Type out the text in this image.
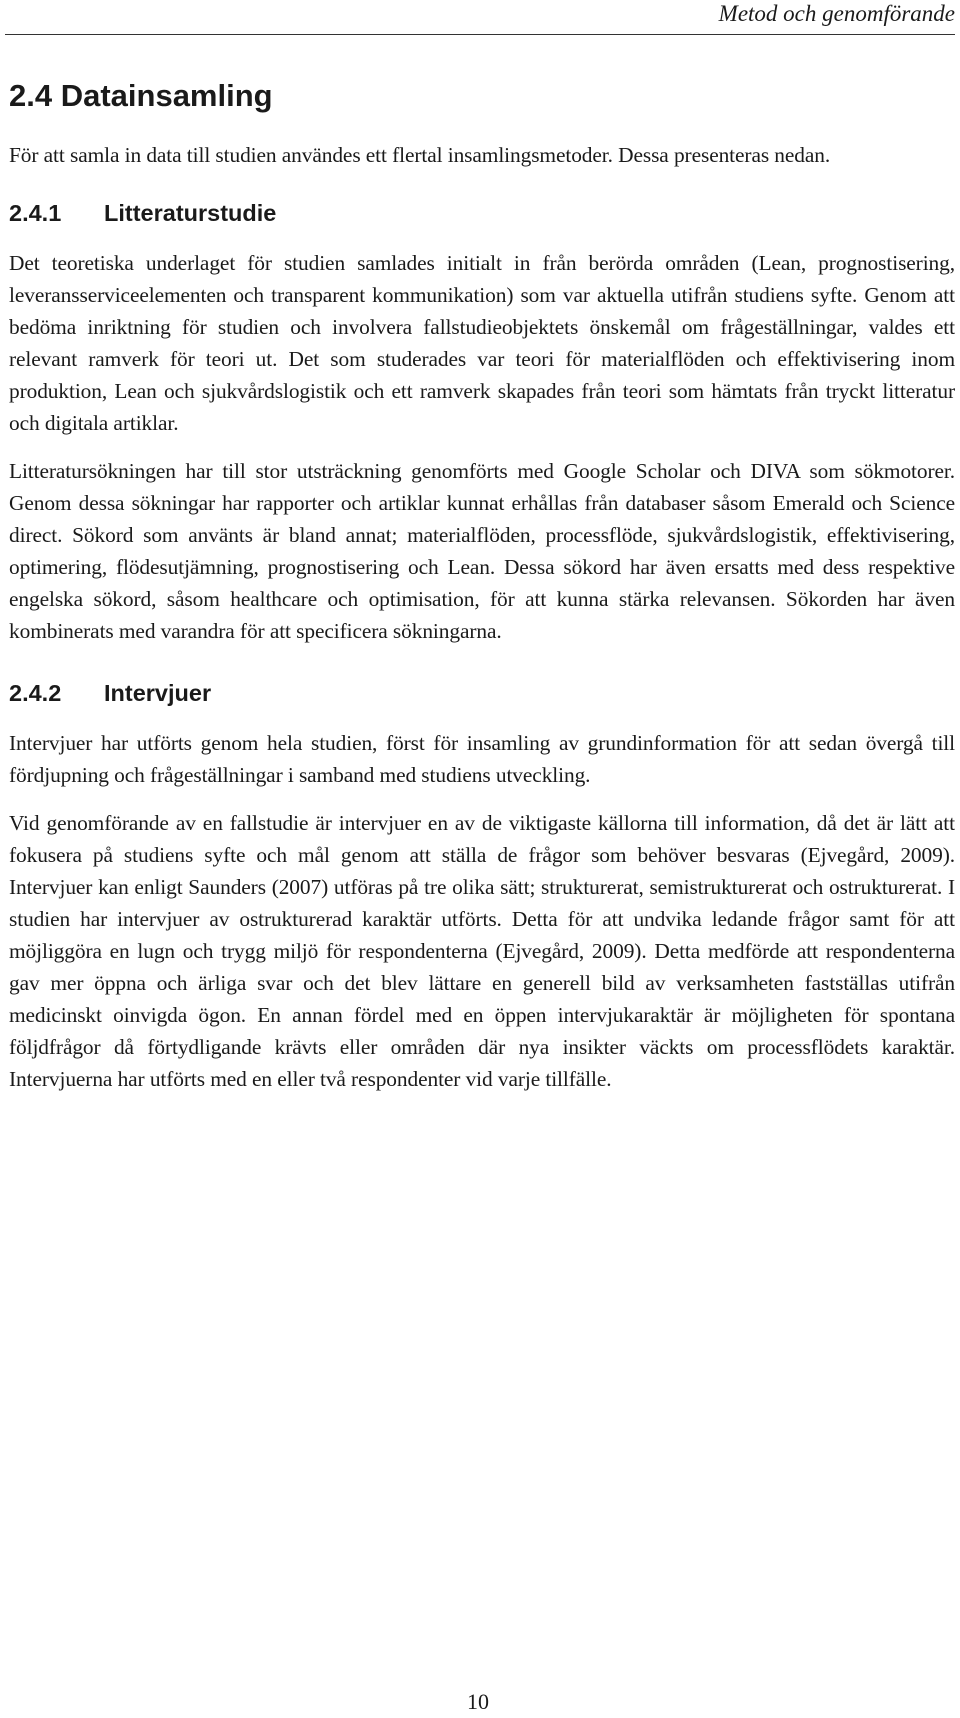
Metod och genomförande
2.4 Datainsamling

För att samla in data till studien användes ett flertal insamlingsmetoder. Dessa presenteras nedan.

2.4.1 Litteraturstudie

Det teoretiska underlaget för studien samlades initialt in från berörda områden (Lean, prognostisering, leveransserviceelementen och transparent kommunikation) som var aktuella utifrån studiens syfte. Genom att bedöma inriktning för studien och involvera fallstudieobjektets önskemål om frågeställningar, valdes ett relevant ramverk för teori ut. Det som studerades var teori för materialflöden och effektivisering inom produktion, Lean och sjukvårdslogistik och ett ramverk skapades från teori som hämtats från tryckt litteratur och digitala artiklar.

Litteratursökningen har till stor utsträckning genomförts med Google Scholar och DIVA som sökmotorer. Genom dessa sökningar har rapporter och artiklar kunnat erhållas från databaser såsom Emerald och Science direct. Sökord som använts är bland annat; materialflöden, processflöde, sjukvårdslogistik, effektivisering, optimering, flödesutjämning, prognostisering och Lean. Dessa sökord har även ersatts med dess respektive engelska sökord, såsom healthcare och optimisation, för att kunna stärka relevansen. Sökorden har även kombinerats med varandra för att specificera sökningarna.

2.4.2 Intervjuer

Intervjuer har utförts genom hela studien, först för insamling av grundinformation för att sedan övergå till fördjupning och frågeställningar i samband med studiens utveckling.

Vid genomförande av en fallstudie är intervjuer en av de viktigaste källorna till information, då det är lätt att fokusera på studiens syfte och mål genom att ställa de frågor som behöver besvaras (Ejvegård, 2009). Intervjuer kan enligt Saunders (2007) utföras på tre olika sätt; strukturerat, semistrukturerat och ostrukturerat. I studien har intervjuer av ostrukturerad karaktär utförts. Detta för att undvika ledande frågor samt för att möjliggöra en lugn och trygg miljö för respondenterna (Ejvegård, 2009). Detta medförde att respondenterna gav mer öppna och ärliga svar och det blev lättare en generell bild av verksamheten fastställas utifrån medicinskt oinvigda ögon. En annan fördel med en öppen intervjukaraktär är möjligheten för spontana följdfrågor då förtydligande krävts eller områden där nya insikter väckts om processflödets karaktär. Intervjuerna har utförts med en eller två respondenter vid varje tillfälle.

10
